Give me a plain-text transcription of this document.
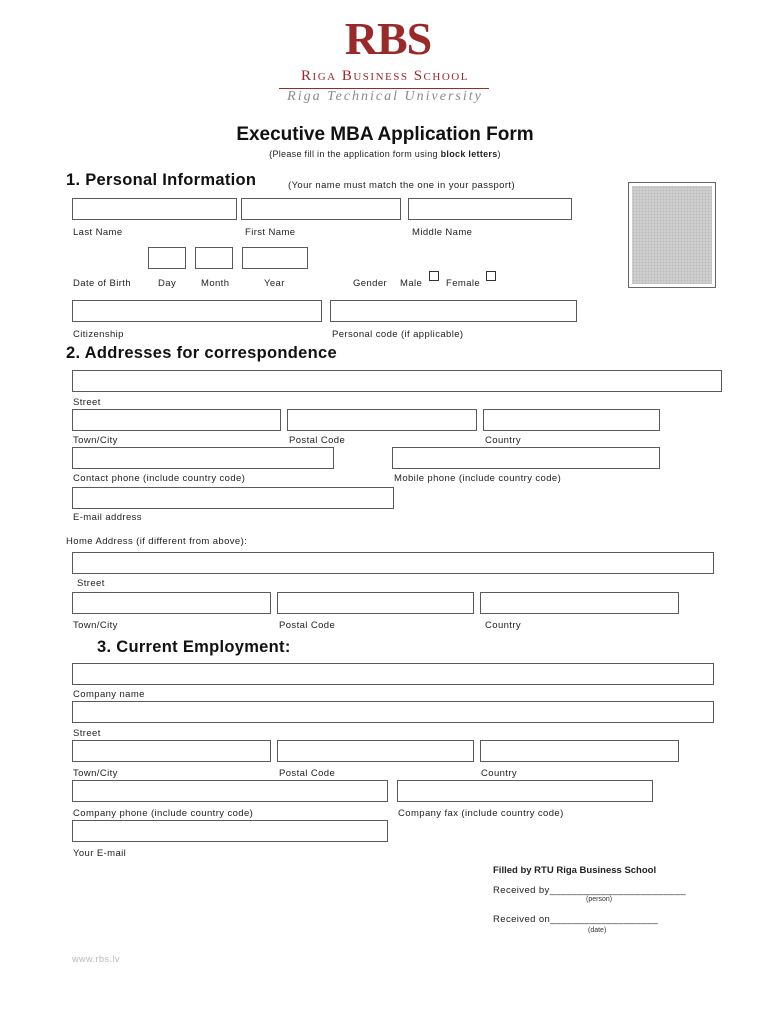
RBS
Riga Business School
Riga Technical University
Executive MBA Application Form
(Please fill in the application form using block letters)
1. Personal Information	(Your name must match the one in your passport)
Last Name	First Name	Middle Name
Date of Birth	Day	Month	Year	Gender Male	Female
Citizenship	Personal code (if applicable)
2. Addresses for correspondence
Street
Town/City	Postal Code	Country
Contact phone (include country code)	Mobile phone (include country code)
E-mail address
Home Address (if different from above):
Street
Town/City	Postal Code	Country
3. Current Employment:
Company name
Street
Town/City	Postal Code	Country
Company phone (include country code)	Company fax (include country code)
Your E-mail
Filled by RTU Riga Business School
Received by________________________
(person)
Received on___________________
(date)
www.rbs.lv
